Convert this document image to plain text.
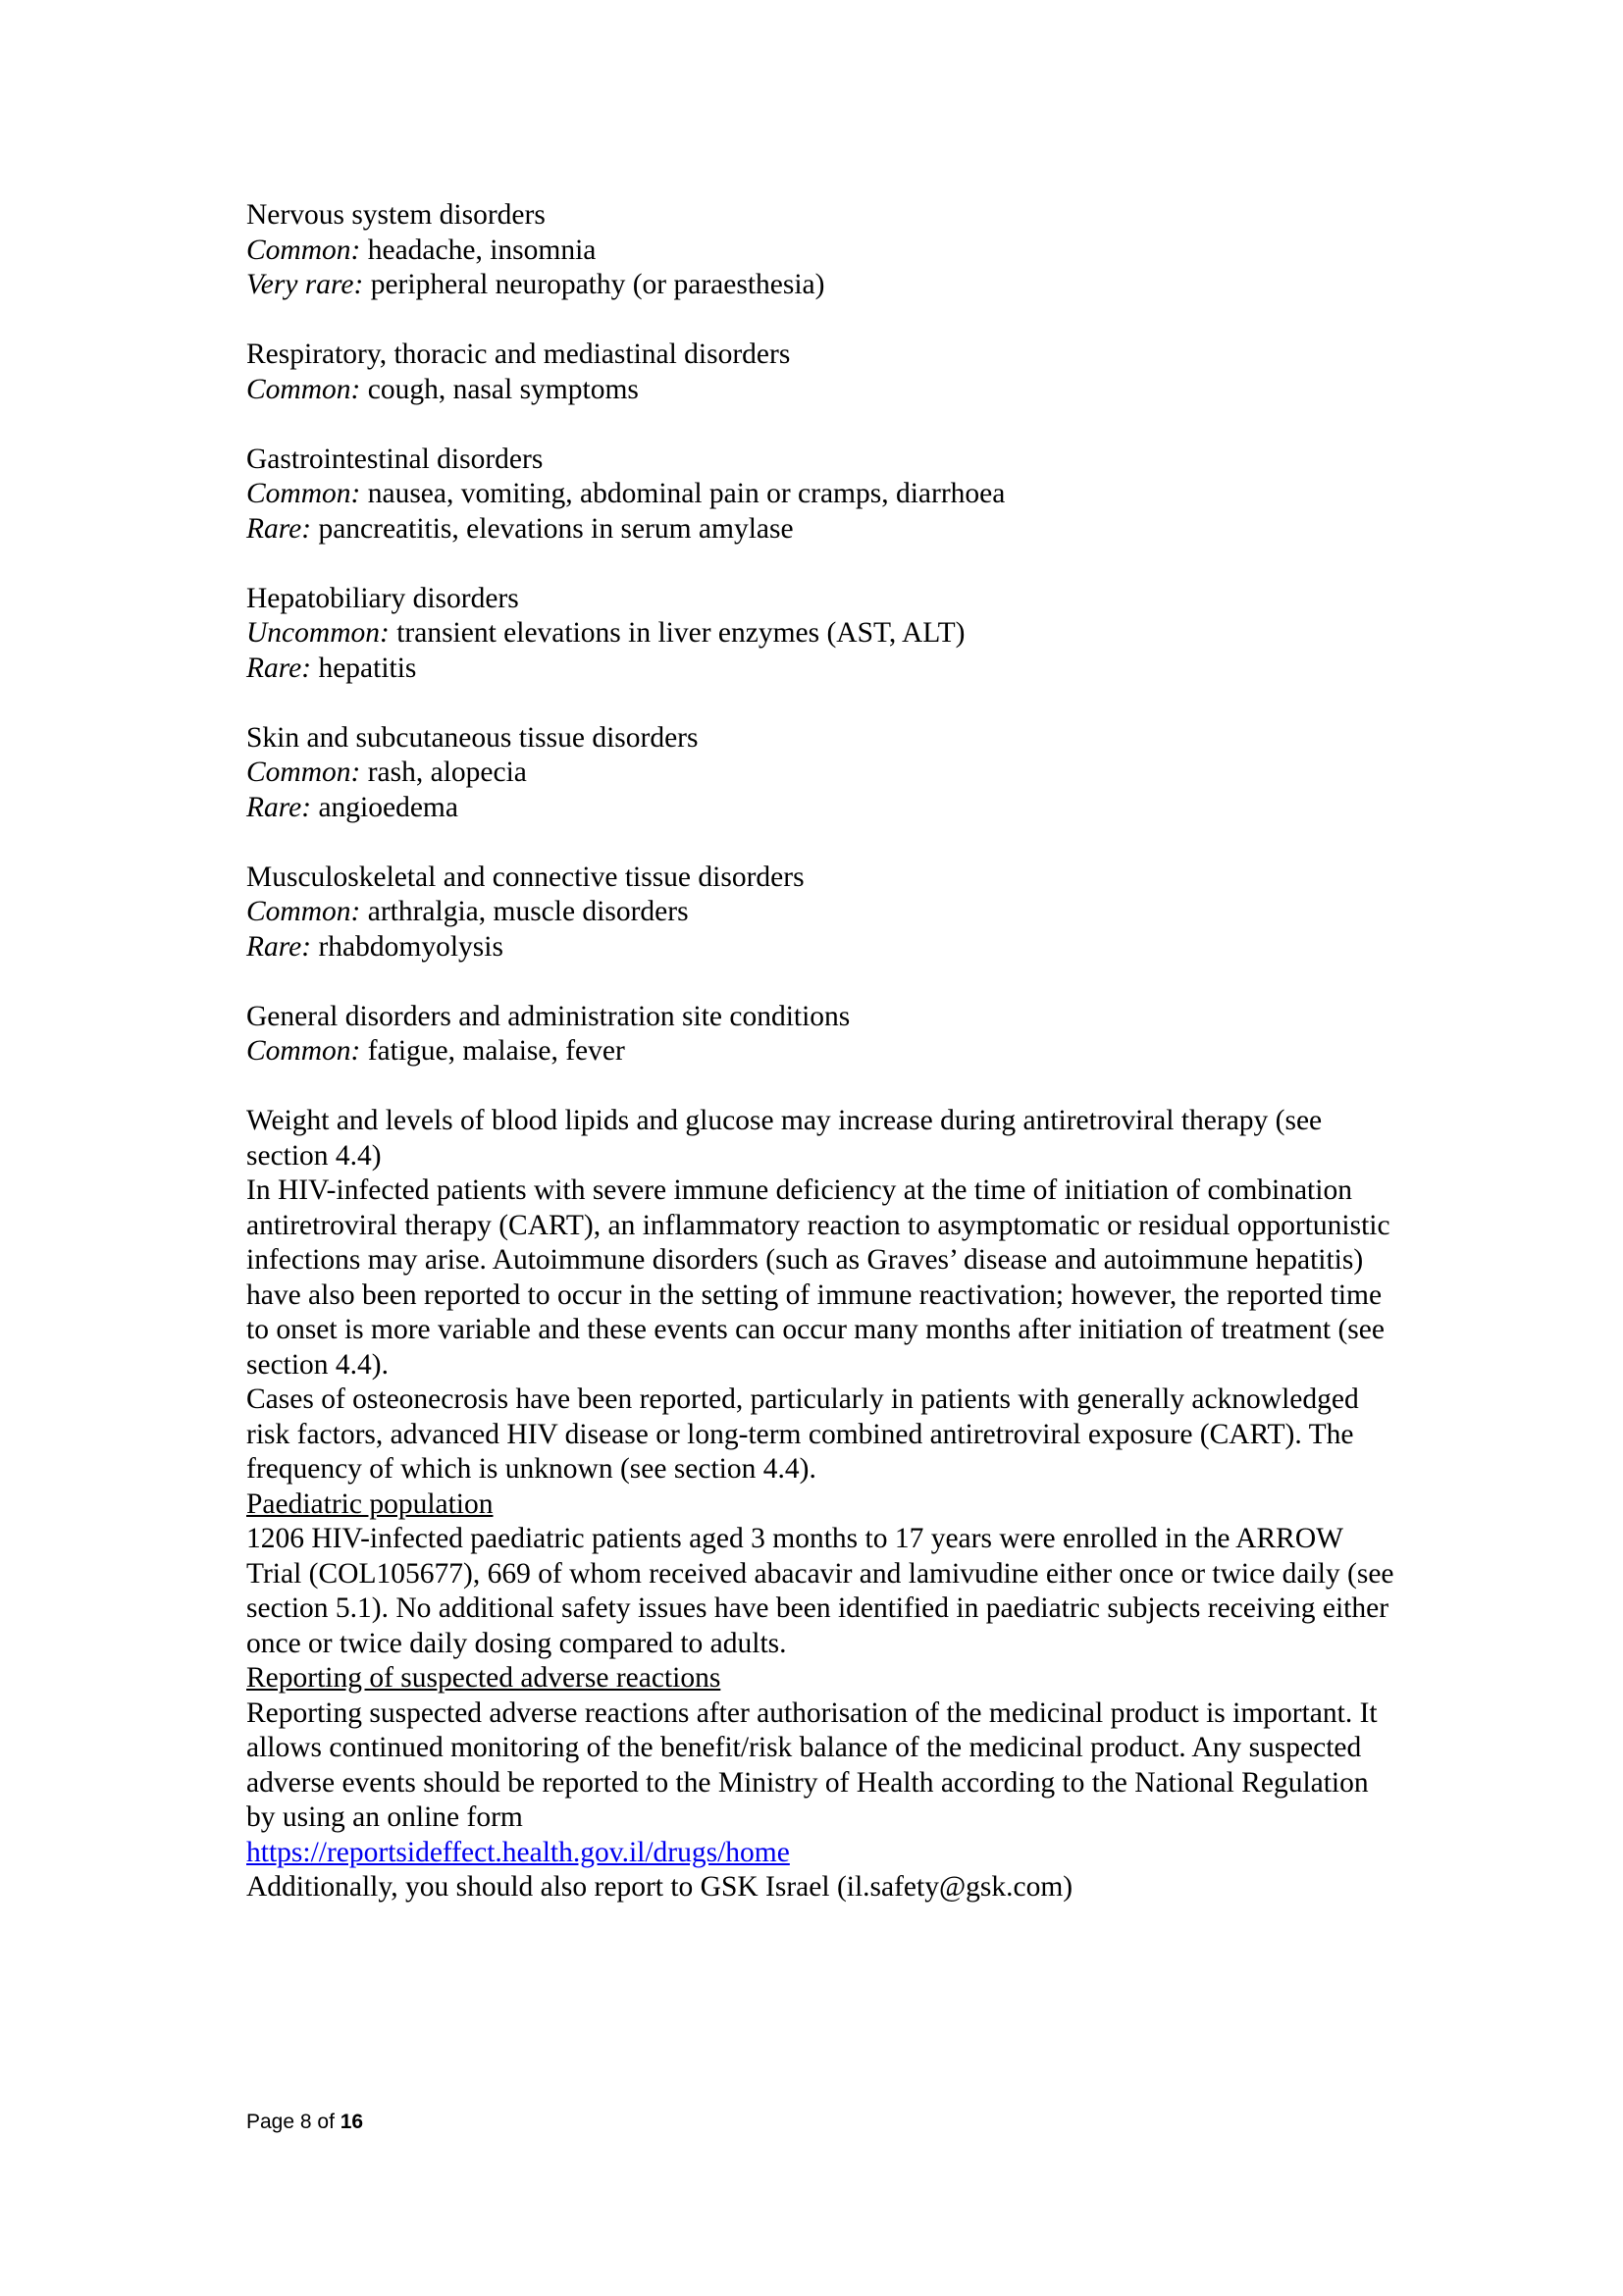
Nervous system disorders

Common: headache, insomnia

Very rare: peripheral neuropathy (or paraesthesia)

Respiratory, thoracic and mediastinal disorders

Common: cough, nasal symptoms

Gastrointestinal disorders

Common: nausea, vomiting, abdominal pain or cramps, diarrhoea

Rare: pancreatitis, elevations in serum amylase

Hepatobiliary disorders

Uncommon: transient elevations in liver enzymes (AST, ALT)

Rare: hepatitis

Skin and subcutaneous tissue disorders

Common: rash, alopecia

Rare: angioedema

Musculoskeletal and connective tissue disorders

Common: arthralgia, muscle disorders

Rare: rhabdomyolysis

General disorders and administration site conditions

Common: fatigue, malaise, fever

Weight and levels of blood lipids and glucose may increase during antiretroviral therapy (see section 4.4)

In HIV-infected patients with severe immune deficiency at the time of initiation of combination antiretroviral therapy (CART), an inflammatory reaction to asymptomatic or residual opportunistic infections may arise. Autoimmune disorders (such as Graves’ disease and autoimmune hepatitis) have also been reported to occur in the setting of immune reactivation; however, the reported time to onset is more variable and these events can occur many months after initiation of treatment (see section 4.4).

Cases of osteonecrosis have been reported, particularly in patients with generally acknowledged risk factors, advanced HIV disease or long-term combined antiretroviral exposure (CART). The frequency of which is unknown (see section 4.4).

Paediatric population

1206 HIV-infected paediatric patients aged 3 months to 17 years were enrolled in the ARROW Trial (COL105677), 669 of whom received abacavir and lamivudine either once or twice daily (see section 5.1). No additional safety issues have been identified in paediatric subjects receiving either once or twice daily dosing compared to adults.

Reporting of suspected adverse reactions

Reporting suspected adverse reactions after authorisation of the medicinal product is important. It allows continued monitoring of the benefit/risk balance of the medicinal product. Any suspected adverse events should be reported to the Ministry of Health according to the National Regulation by using an online form

https://reportsideffect.health.gov.il/drugs/home

Additionally, you should also report to GSK Israel (il.safety@gsk.com)

Page 8 of 16
